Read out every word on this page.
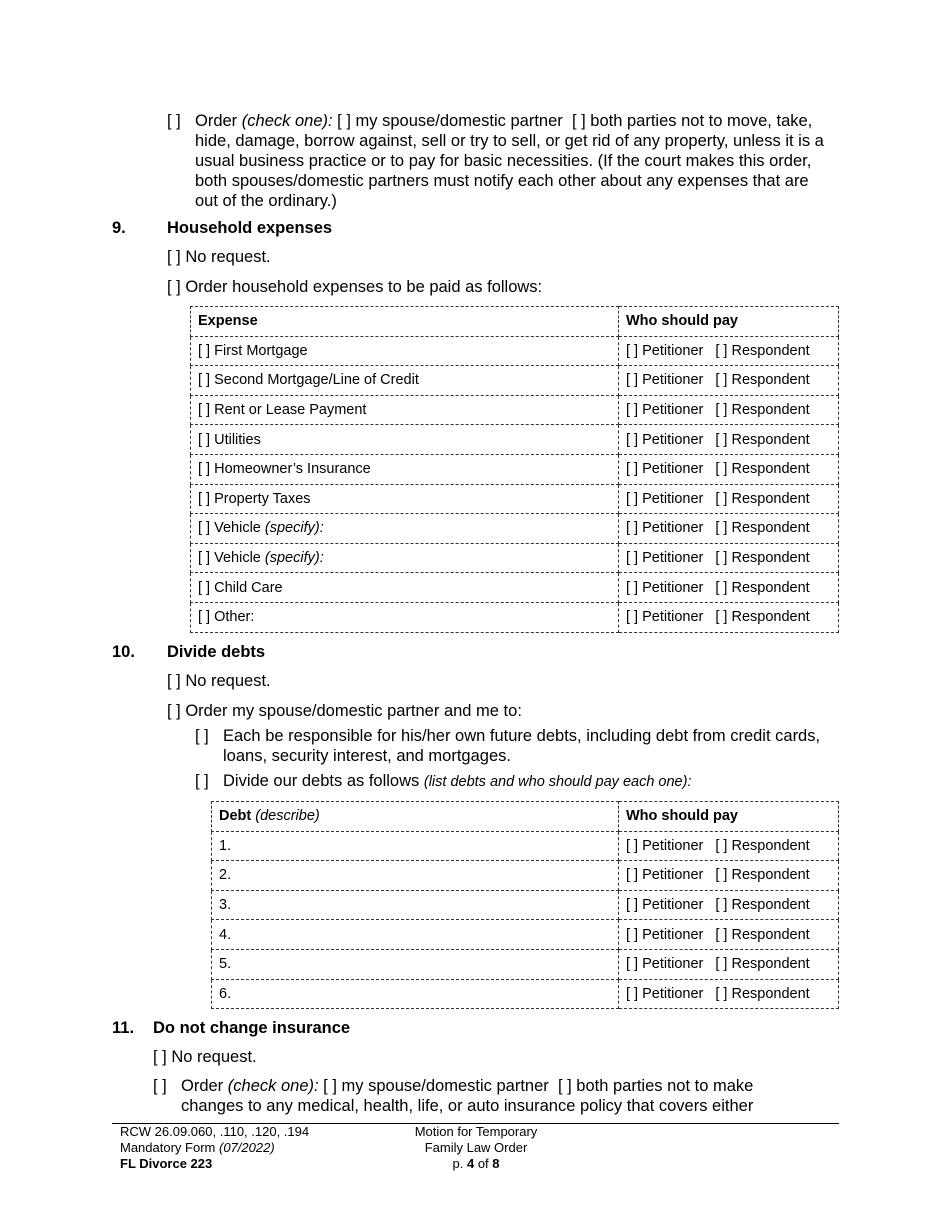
[ ] Order (check one): [ ] my spouse/domestic partner [ ] both parties not to move, take,
hide, damage, borrow against, sell or try to sell, or get rid of any property, unless it is a
usual business practice or to pay for basic necessities. (If the court makes this order,
both spouses/domestic partners must notify each other about any expenses that are
out of the ordinary.)
9. Household expenses
[ ] No request.
[ ] Order household expenses to be paid as follows:
Expense	Who should pay
[ ] First Mortgage	[ ] Petitioner [ ] Respondent
[ ] Second Mortgage/Line of Credit	[ ] Petitioner [ ] Respondent
[ ] Rent or Lease Payment	[ ] Petitioner [ ] Respondent
[ ] Utilities	[ ] Petitioner [ ] Respondent
[ ] Homeowner’s Insurance	[ ] Petitioner [ ] Respondent
[ ] Property Taxes	[ ] Petitioner [ ] Respondent
[ ] Vehicle (specify):	[ ] Petitioner [ ] Respondent
[ ] Vehicle (specify):	[ ] Petitioner [ ] Respondent
[ ] Child Care	[ ] Petitioner [ ] Respondent
[ ] Other:	[ ] Petitioner [ ] Respondent
10. Divide debts
[ ] No request.
[ ] Order my spouse/domestic partner and me to:
[ ] Each be responsible for his/her own future debts, including debt from credit cards,
loans, security interest, and mortgages.
[ ] Divide our debts as follows (list debts and who should pay each one):
Debt (describe)	Who should pay
1.	[ ] Petitioner [ ] Respondent
2.	[ ] Petitioner [ ] Respondent
3.	[ ] Petitioner [ ] Respondent
4.	[ ] Petitioner [ ] Respondent
5.	[ ] Petitioner [ ] Respondent
6.	[ ] Petitioner [ ] Respondent
11. Do not change insurance
[ ] No request.
[ ] Order (check one): [ ] my spouse/domestic partner [ ] both parties not to make
changes to any medical, health, life, or auto insurance policy that covers either
RCW 26.09.060, .110, .120, .194
Mandatory Form (07/2022)
FL Divorce 223
Motion for Temporary
Family Law Order
p. 4 of 8
